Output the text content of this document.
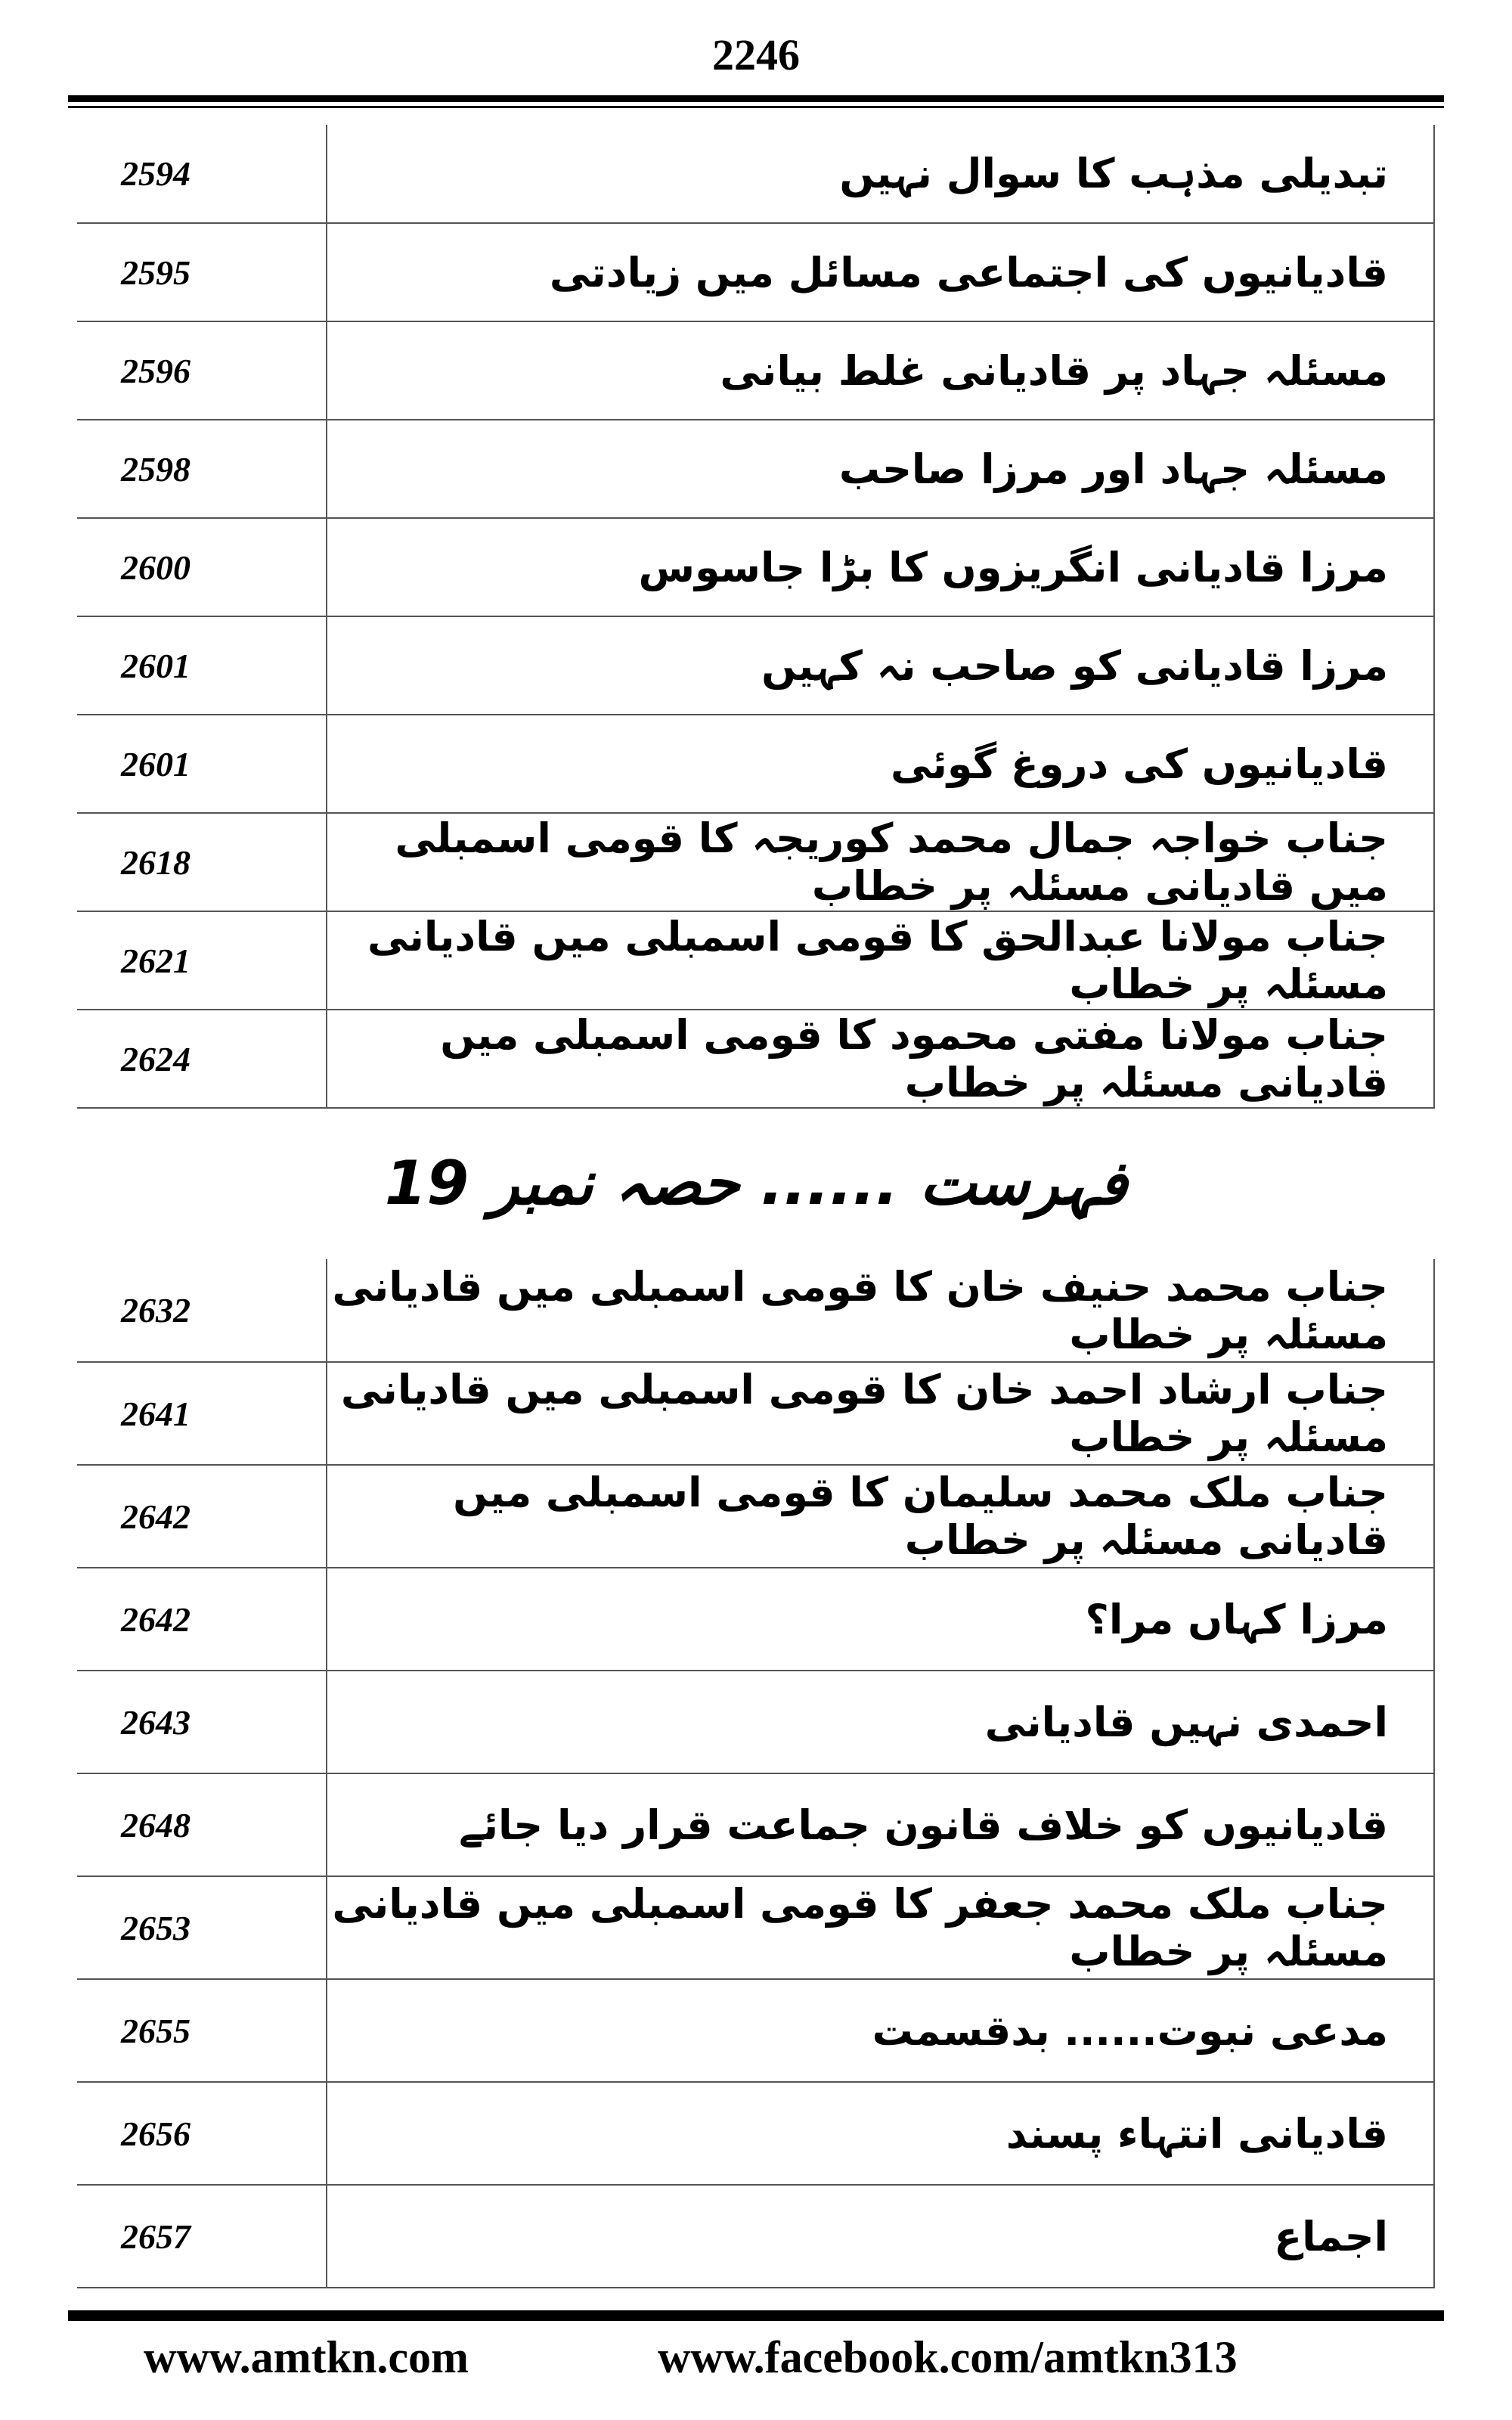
2246
2594	تبدیلی مذہب کا سوال نہیں
2595	قادیانیوں کی اجتماعی مسائل میں زیادتی
2596	مسئلہ جہاد پر قادیانی غلط بیانی
2598	مسئلہ جہاد اور مرزا صاحب
2600	مرزا قادیانی انگریزوں کا بڑا جاسوس
2601	مرزا قادیانی کو صاحب نہ کہیں
2601	قادیانیوں کی دروغ گوئی
2618	جناب خواجہ جمال محمد کوریجہ کا قومی اسمبلی میں قادیانی مسئلہ پر خطاب
2621	جناب مولانا عبدالحق کا قومی اسمبلی میں قادیانی مسئلہ پر خطاب
2624	جناب مولانا مفتی محمود کا قومی اسمبلی میں قادیانی مسئلہ پر خطاب
فہرست ...... حصہ نمبر 19
2632	جناب محمد حنیف خان کا قومی اسمبلی میں قادیانی مسئلہ پر خطاب
2641	جناب ارشاد احمد خان کا قومی اسمبلی میں قادیانی مسئلہ پر خطاب
2642	جناب ملک محمد سلیمان کا قومی اسمبلی میں قادیانی مسئلہ پر خطاب
2642	مرزا کہاں مرا؟
2643	احمدی نہیں قادیانی
2648	قادیانیوں کو خلاف قانون جماعت قرار دیا جائے
2653	جناب ملک محمد جعفر کا قومی اسمبلی میں قادیانی مسئلہ پر خطاب
2655	مدعی نبوت...... بدقسمت
2656	قادیانی انتہاء پسند
2657	اجماع
www.amtkn.com	www.facebook.com/amtkn313
